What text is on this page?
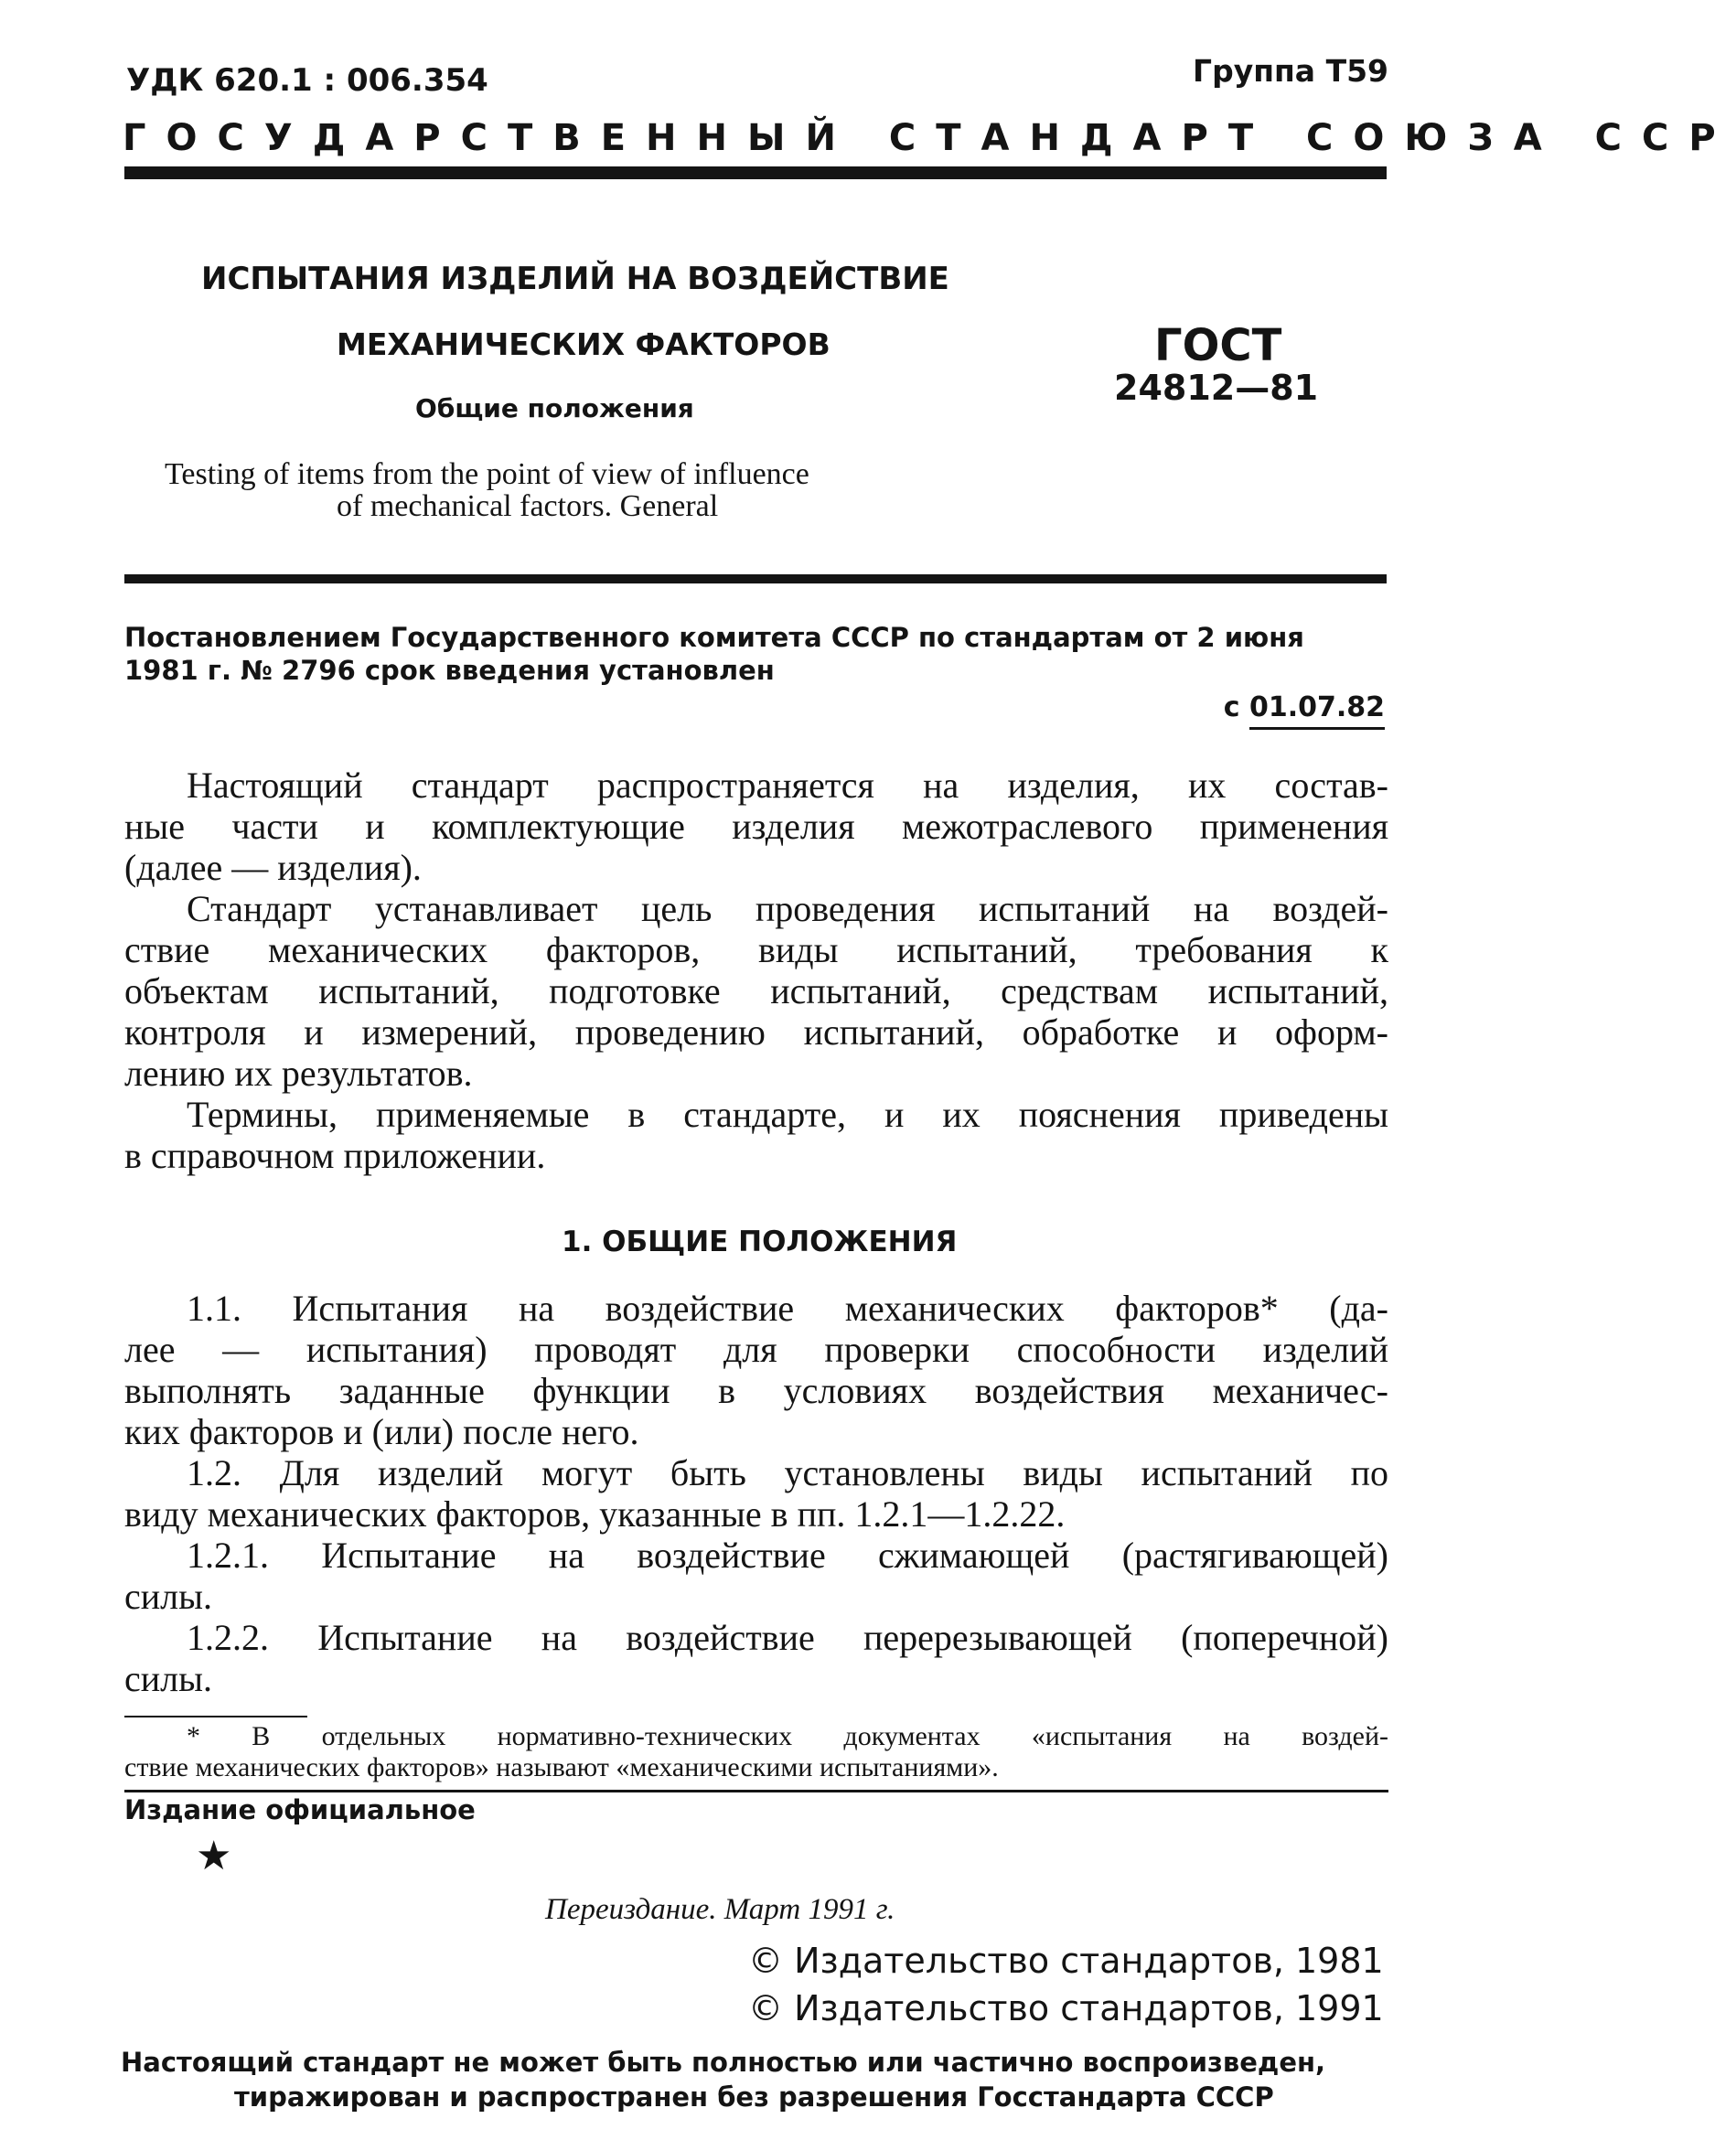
УДК 620.1 : 006.354	Группа Т59
ГОСУДАРСТВЕННЫЙ СТАНДАРТ СОЮЗА ССР
ИСПЫТАНИЯ ИЗДЕЛИЙ НА ВОЗДЕЙСТВИЕ
МЕХАНИЧЕСКИХ ФАКТОРОВ
Общие положения
Testing of items from the point of view of influence
of mechanical factors. General
ГОСТ
24812—81
Постановлением Государственного комитета СССР по стандартам от 2 июня
1981 г. № 2796 срок введения установлен
с 01.07.82
Настоящий стандарт распространяется на изделия, их состав-
ные части и комплектующие изделия межотраслевого применения
(далее — изделия).
Стандарт устанавливает цель проведения испытаний на воздей-
ствие механических факторов, виды испытаний, требования к
объектам испытаний, подготовке испытаний, средствам испытаний,
контроля и измерений, проведению испытаний, обработке и оформ-
лению их результатов.
Термины, применяемые в стандарте, и их пояснения приведены
в справочном приложении.
1. ОБЩИЕ ПОЛОЖЕНИЯ
1.1. Испытания на воздействие механических факторов* (да-
лее — испытания) проводят для проверки способности изделий
выполнять заданные функции в условиях воздействия механичес-
ких факторов и (или) после него.
1.2. Для изделий могут быть установлены виды испытаний по
виду механических факторов, указанные в пп. 1.2.1—1.2.22.
1.2.1. Испытание на воздействие сжимающей (растягивающей)
силы.
1.2.2. Испытание на воздействие перерезывающей (поперечной)
силы.
* В отдельных нормативно-технических документах «испытания на воздей-
ствие механических факторов» называют «механическими испытаниями».
Издание официальное
★
Переиздание. Март 1991 г.
© Издательство стандартов, 1981
© Издательство стандартов, 1991
Настоящий стандарт не может быть полностью или частично воспроизведен,
тиражирован и распространен без разрешения Госстандарта СССР
